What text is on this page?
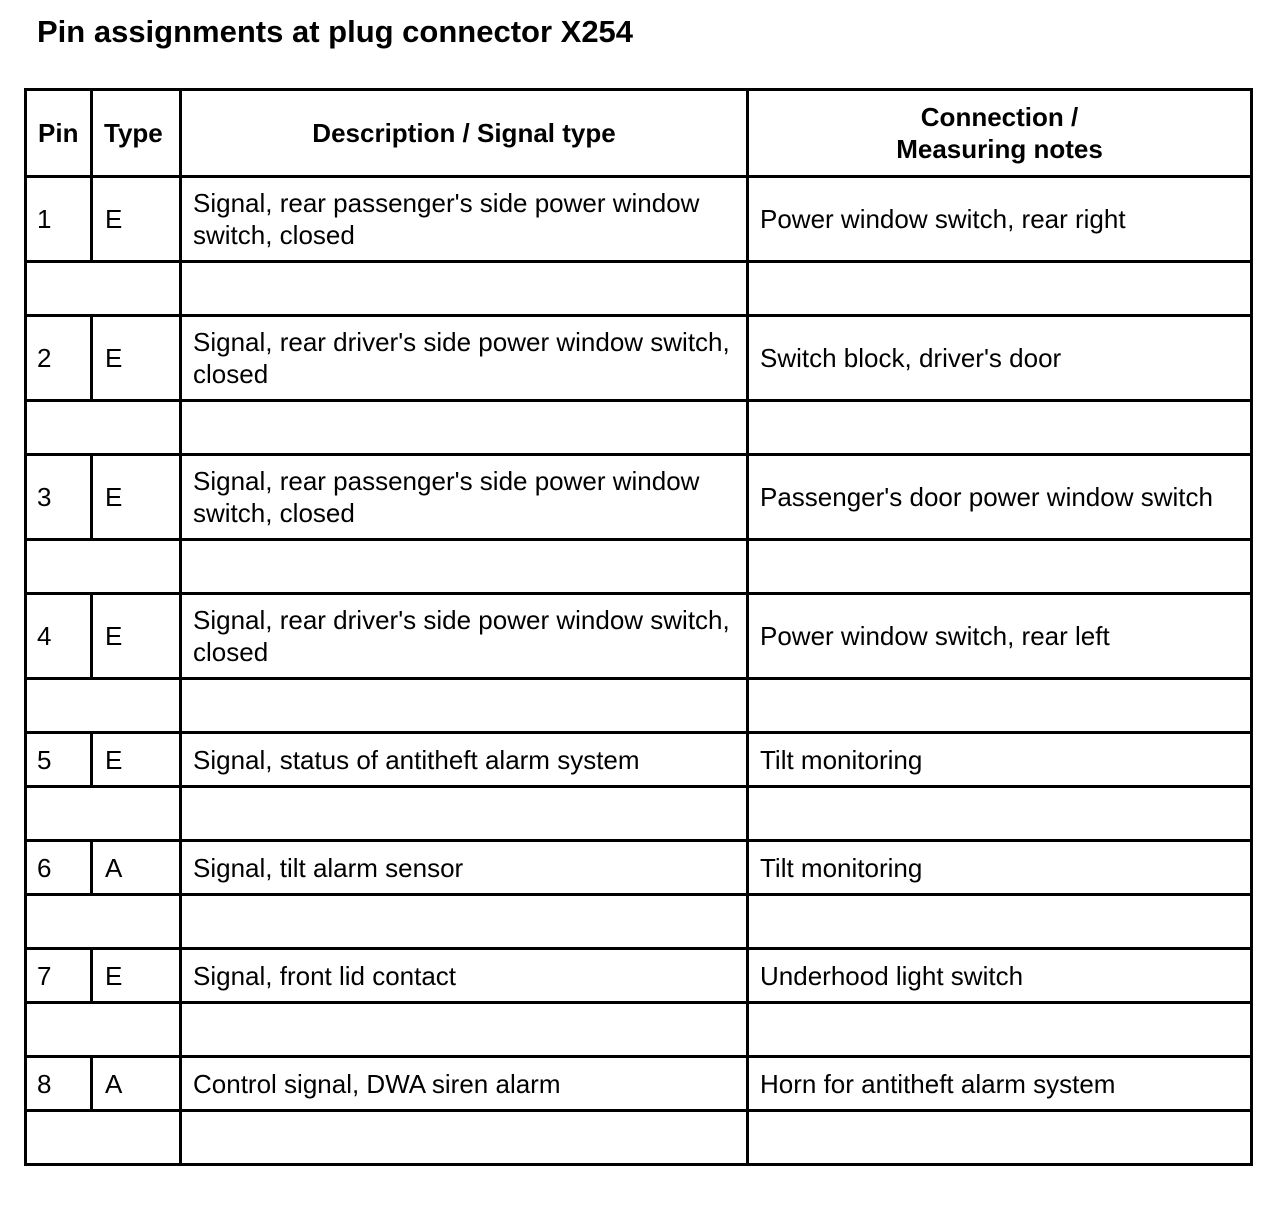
Pin assignments at plug connector X254
Pin	Type	Description / Signal type	Connection /
Measuring notes

1	E	Signal, rear passenger's side power window switch, closed	Power window switch, rear right

2	E	Signal, rear driver's side power window switch, closed	Switch block, driver's door

3	E	Signal, rear passenger's side power window switch, closed	Passenger's door power window switch

4	E	Signal, rear driver's side power window switch, closed	Power window switch, rear left

5	E	Signal, status of antitheft alarm system	Tilt monitoring

6	A	Signal, tilt alarm sensor	Tilt monitoring

7	E	Signal, front lid contact	Underhood light switch

8	A	Control signal, DWA siren alarm	Horn for antitheft alarm system
